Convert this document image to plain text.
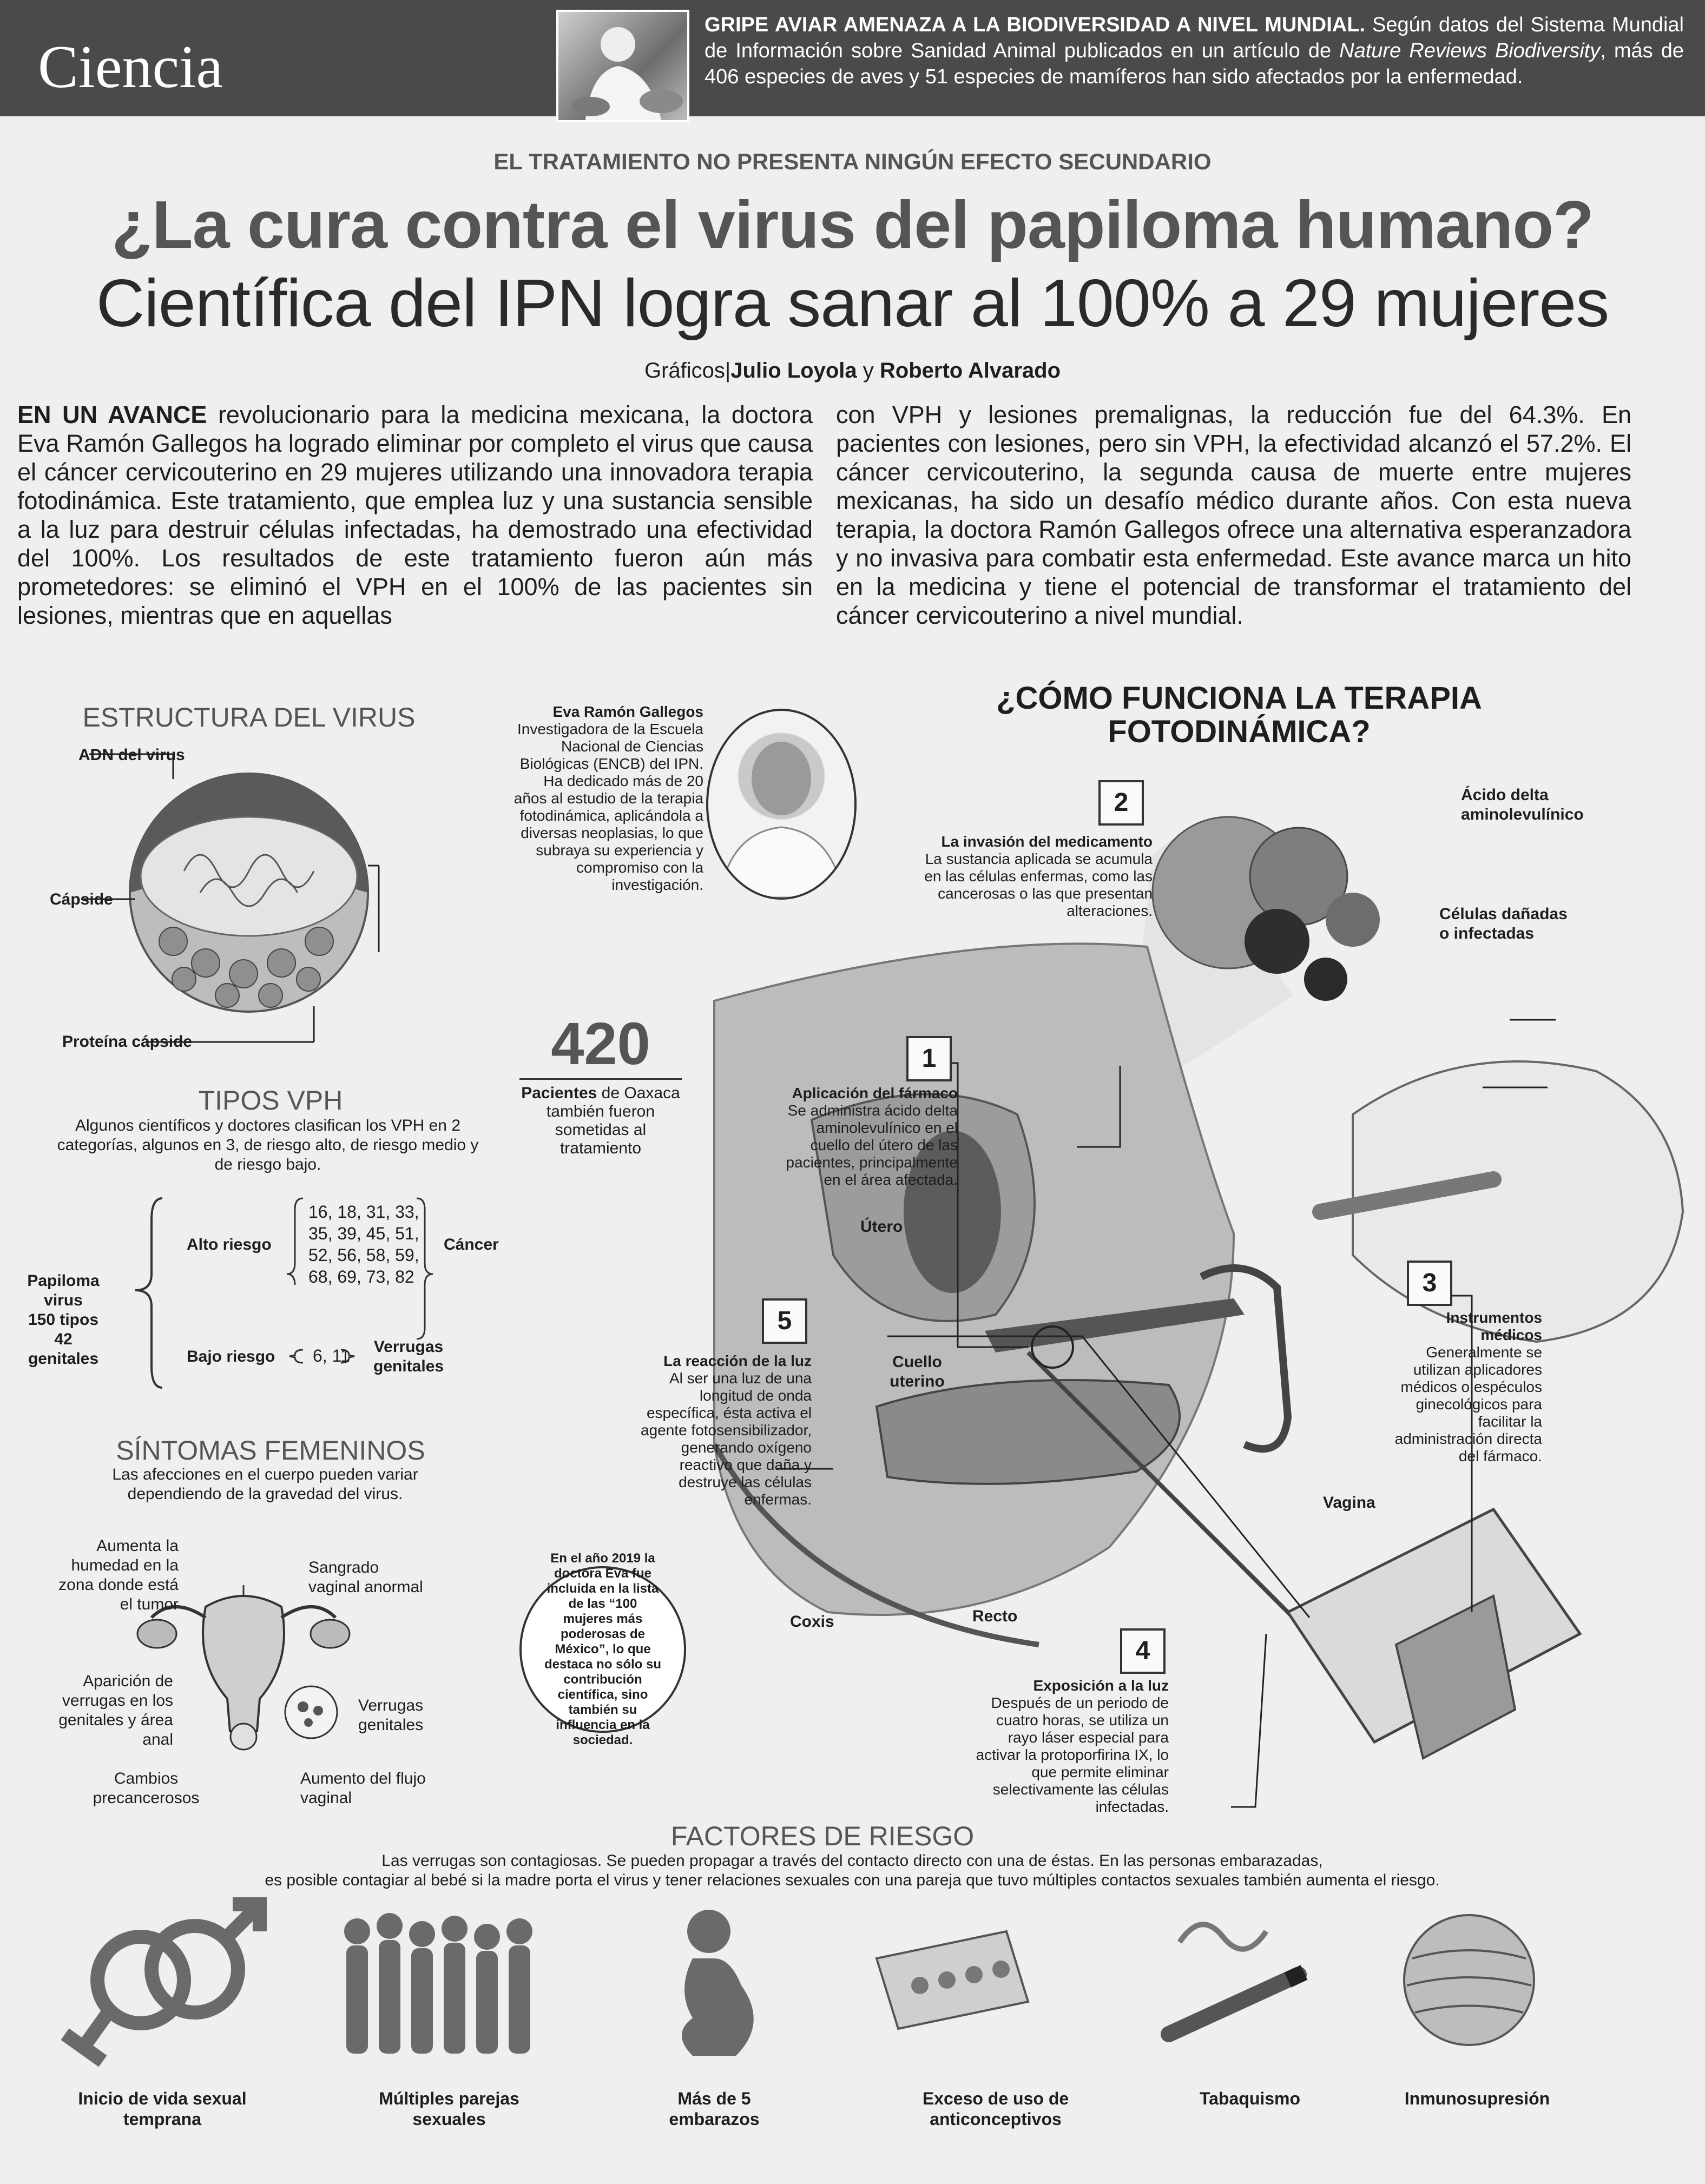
Ciencia
GRIPE AVIAR AMENAZA A LA BIODIVERSIDAD A NIVEL MUNDIAL. Según datos del Sistema Mundial de Información sobre Sanidad Animal publicados en un artículo de Nature Reviews Biodiversity, más de 406 especies de aves y 51 especies de mamíferos han sido afectados por la enfermedad.
EL TRATAMIENTO NO PRESENTA NINGÚN EFECTO SECUNDARIO
¿La cura contra el virus del papiloma humano?
Científica del IPN logra sanar al 100% a 29 mujeres
Gráficos|Julio Loyola y Roberto Alvarado
EN UN AVANCE revolucionario para la medicina mexicana, la doctora Eva Ramón Gallegos ha logrado eliminar por completo el virus que causa el cáncer cervicouterino en 29 mujeres utilizando una innovadora terapia fotodinámica. Este tratamiento, que emplea luz y una sustancia sensible a la luz para destruir células infectadas, ha demostrado una efectividad del 100%. Los resultados de este tratamiento fueron aún más prometedores: se eliminó el VPH en el 100% de las pacientes sin lesiones, mientras que en aquellas
con VPH y lesiones premalignas, la reducción fue del 64.3%. En pacientes con lesiones, pero sin VPH, la efectividad alcanzó el 57.2%. El cáncer cervicouterino, la segunda causa de muerte entre mujeres mexicanas, ha sido un desafío médico durante años. Con esta nueva terapia, la doctora Ramón Gallegos ofrece una alternativa esperanzadora y no invasiva para combatir esta enfermedad. Este avance marca un hito en la medicina y tiene el potencial de transformar el tratamiento del cáncer cervicouterino a nivel mundial.
ESTRUCTURA DEL VIRUS
ADN del virus
Cápside
Proteína cápside
Eva Ramón Gallegos
Investigadora de la Escuela Nacional de Ciencias Biológicas (ENCB) del IPN. Ha dedicado más de 20 años al estudio de la terapia fotodinámica, aplicándola a diversas neoplasias, lo que subraya su experiencia y compromiso con la investigación.
420
Pacientes de Oaxaca también fueron sometidas al tratamiento
TIPOS VPH
Algunos científicos y doctores clasifican los VPH en 2 categorías, algunos en 3, de riesgo alto, de riesgo medio y de riesgo bajo.
Papiloma virus
150 tipos
42 genitales
Alto riesgo
16, 18, 31, 33,
35, 39, 45, 51,
52, 56, 58, 59,
68, 69, 73, 82
Cáncer
Bajo riesgo 6, 11 Verrugas
genitales
SÍNTOMAS FEMENINOS
Las afecciones en el cuerpo pueden variar dependiendo de la gravedad del virus.
Aumenta la humedad en la zona donde está el tumor
Sangrado vaginal anormal
Aparición de verrugas en los genitales y área anal
Verrugas genitales
Cambios precancerosos
Aumento del flujo vaginal
En el año 2019 la doctora Eva fue incluida en la lista de las “100 mujeres más poderosas de México”, lo que destaca no sólo su contribución científica, sino también su influencia en la sociedad.
¿CÓMO FUNCIONA LA TERAPIA
FOTODINÁMICA?
2
1
3
4
5
Ácido delta aminolevulínico
Células dañadas o infectadas
La invasión del medicamento
La sustancia aplicada se acumula en las células enfermas, como las cancerosas o las que presentan alteraciones.
Aplicación del fármaco
Se administra ácido delta aminolevulínico en el cuello del útero de las pacientes, principalmente en el área afectada.
Instrumentos médicos
Generalmente se utilizan aplicadores médicos o espéculos ginecológicos para facilitar la administración directa del fármaco.
Exposición a la luz
Después de un periodo de cuatro horas, se utiliza un rayo láser especial para activar la protoporfirina IX, lo que permite eliminar selectivamente las células infectadas.
La reacción de la luz
Al ser una luz de una longitud de onda específica, ésta activa el agente fotosensibilizador, generando oxígeno reactivo que daña y destruye las células enfermas.
Útero
Cuello uterino
Vagina
Coxis	Recto
FACTORES DE RIESGO
Las verrugas son contagiosas. Se pueden propagar a través del contacto directo con una de éstas. En las personas embarazadas,
es posible contagiar al bebé si la madre porta el virus y tener relaciones sexuales con una pareja que tuvo múltiples contactos sexuales también aumenta el riesgo.
Inicio de vida sexual temprana
Múltiples parejas sexuales
Más de 5 embarazos
Exceso de uso de anticonceptivos
Tabaquismo	Inmunosupresión
